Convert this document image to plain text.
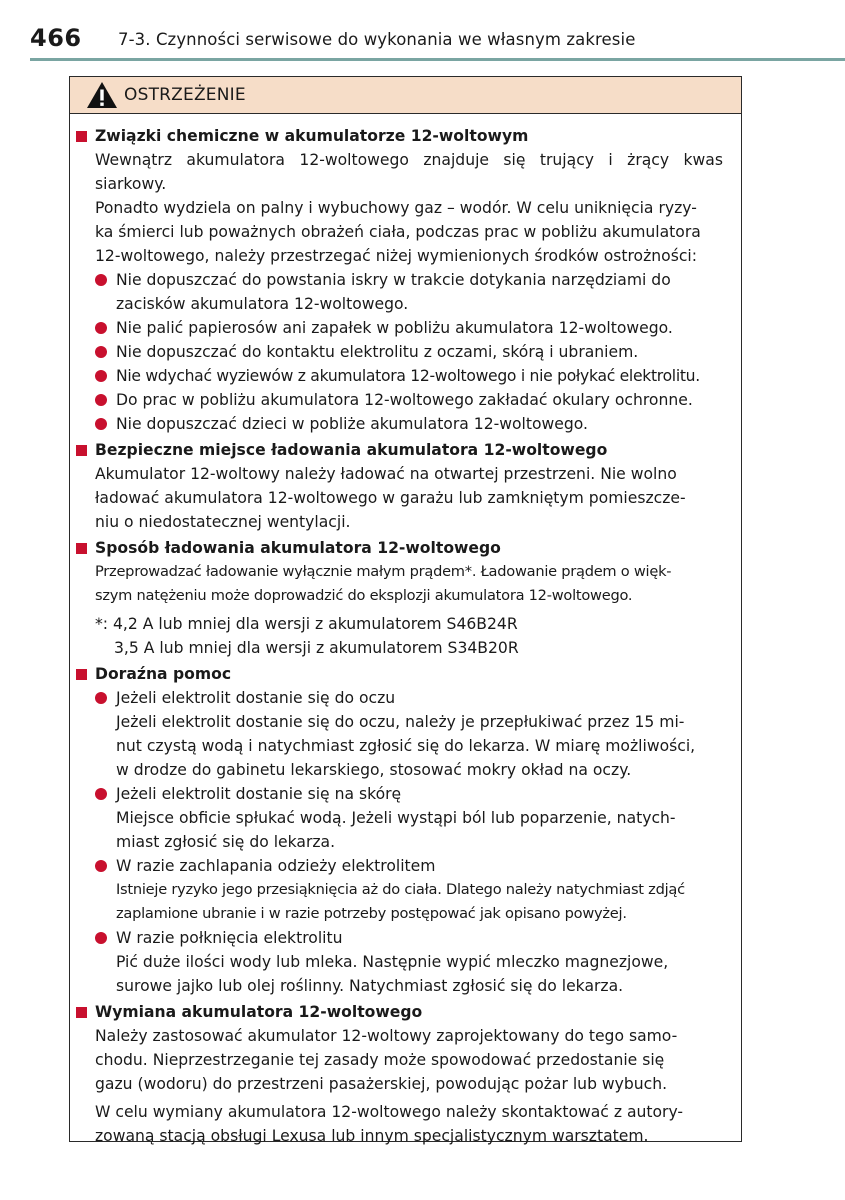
466 7-3. Czynności serwisowe do wykonania we własnym zakresie
OSTRZEŻENIE
Związki chemiczne w akumulatorze 12-woltowym
Wewnątrz akumulatora 12-woltowego znajduje się trujący i żrący kwas siarkowy.
Ponadto wydziela on palny i wybuchowy gaz – wodór. W celu uniknięcia ryzy-
ka śmierci lub poważnych obrażeń ciała, podczas prac w pobliżu akumulatora
12-woltowego, należy przestrzegać niżej wymienionych środków ostrożności:
Nie dopuszczać do powstania iskry w trakcie dotykania narzędziami do
zacisków akumulatora 12-woltowego.
Nie palić papierosów ani zapałek w pobliżu akumulatora 12-woltowego.
Nie dopuszczać do kontaktu elektrolitu z oczami, skórą i ubraniem.
Nie wdychać wyziewów z akumulatora 12-woltowego i nie połykać elektrolitu.
Do prac w pobliżu akumulatora 12-woltowego zakładać okulary ochronne.
Nie dopuszczać dzieci w pobliże akumulatora 12-woltowego.
Bezpieczne miejsce ładowania akumulatora 12-woltowego
Akumulator 12-woltowy należy ładować na otwartej przestrzeni. Nie wolno
ładować akumulatora 12-woltowego w garażu lub zamkniętym pomieszcze-
niu o niedostatecznej wentylacji.
Sposób ładowania akumulatora 12-woltowego
Przeprowadzać ładowanie wyłącznie małym prądem*. Ładowanie prądem o więk-
szym natężeniu może doprowadzić do eksplozji akumulatora 12-woltowego.
*: 4,2 A lub mniej dla wersji z akumulatorem S46B24R
3,5 A lub mniej dla wersji z akumulatorem S34B20R
Doraźna pomoc
Jeżeli elektrolit dostanie się do oczu
Jeżeli elektrolit dostanie się do oczu, należy je przepłukiwać przez 15 mi-
nut czystą wodą i natychmiast zgłosić się do lekarza. W miarę możliwości,
w drodze do gabinetu lekarskiego, stosować mokry okład na oczy.
Jeżeli elektrolit dostanie się na skórę
Miejsce obficie spłukać wodą. Jeżeli wystąpi ból lub poparzenie, natych-
miast zgłosić się do lekarza.
W razie zachlapania odzieży elektrolitem
Istnieje ryzyko jego przesiąknięcia aż do ciała. Dlatego należy natychmiast zdjąć
zaplamione ubranie i w razie potrzeby postępować jak opisano powyżej.
W razie połknięcia elektrolitu
Pić duże ilości wody lub mleka. Następnie wypić mleczko magnezjowe,
surowe jajko lub olej roślinny. Natychmiast zgłosić się do lekarza.
Wymiana akumulatora 12-woltowego
Należy zastosować akumulator 12-woltowy zaprojektowany do tego samo-
chodu. Nieprzestrzeganie tej zasady może spowodować przedostanie się
gazu (wodoru) do przestrzeni pasażerskiej, powodując pożar lub wybuch.
W celu wymiany akumulatora 12-woltowego należy skontaktować z autory-
zowaną stacją obsługi Lexusa lub innym specjalistycznym warsztatem.
